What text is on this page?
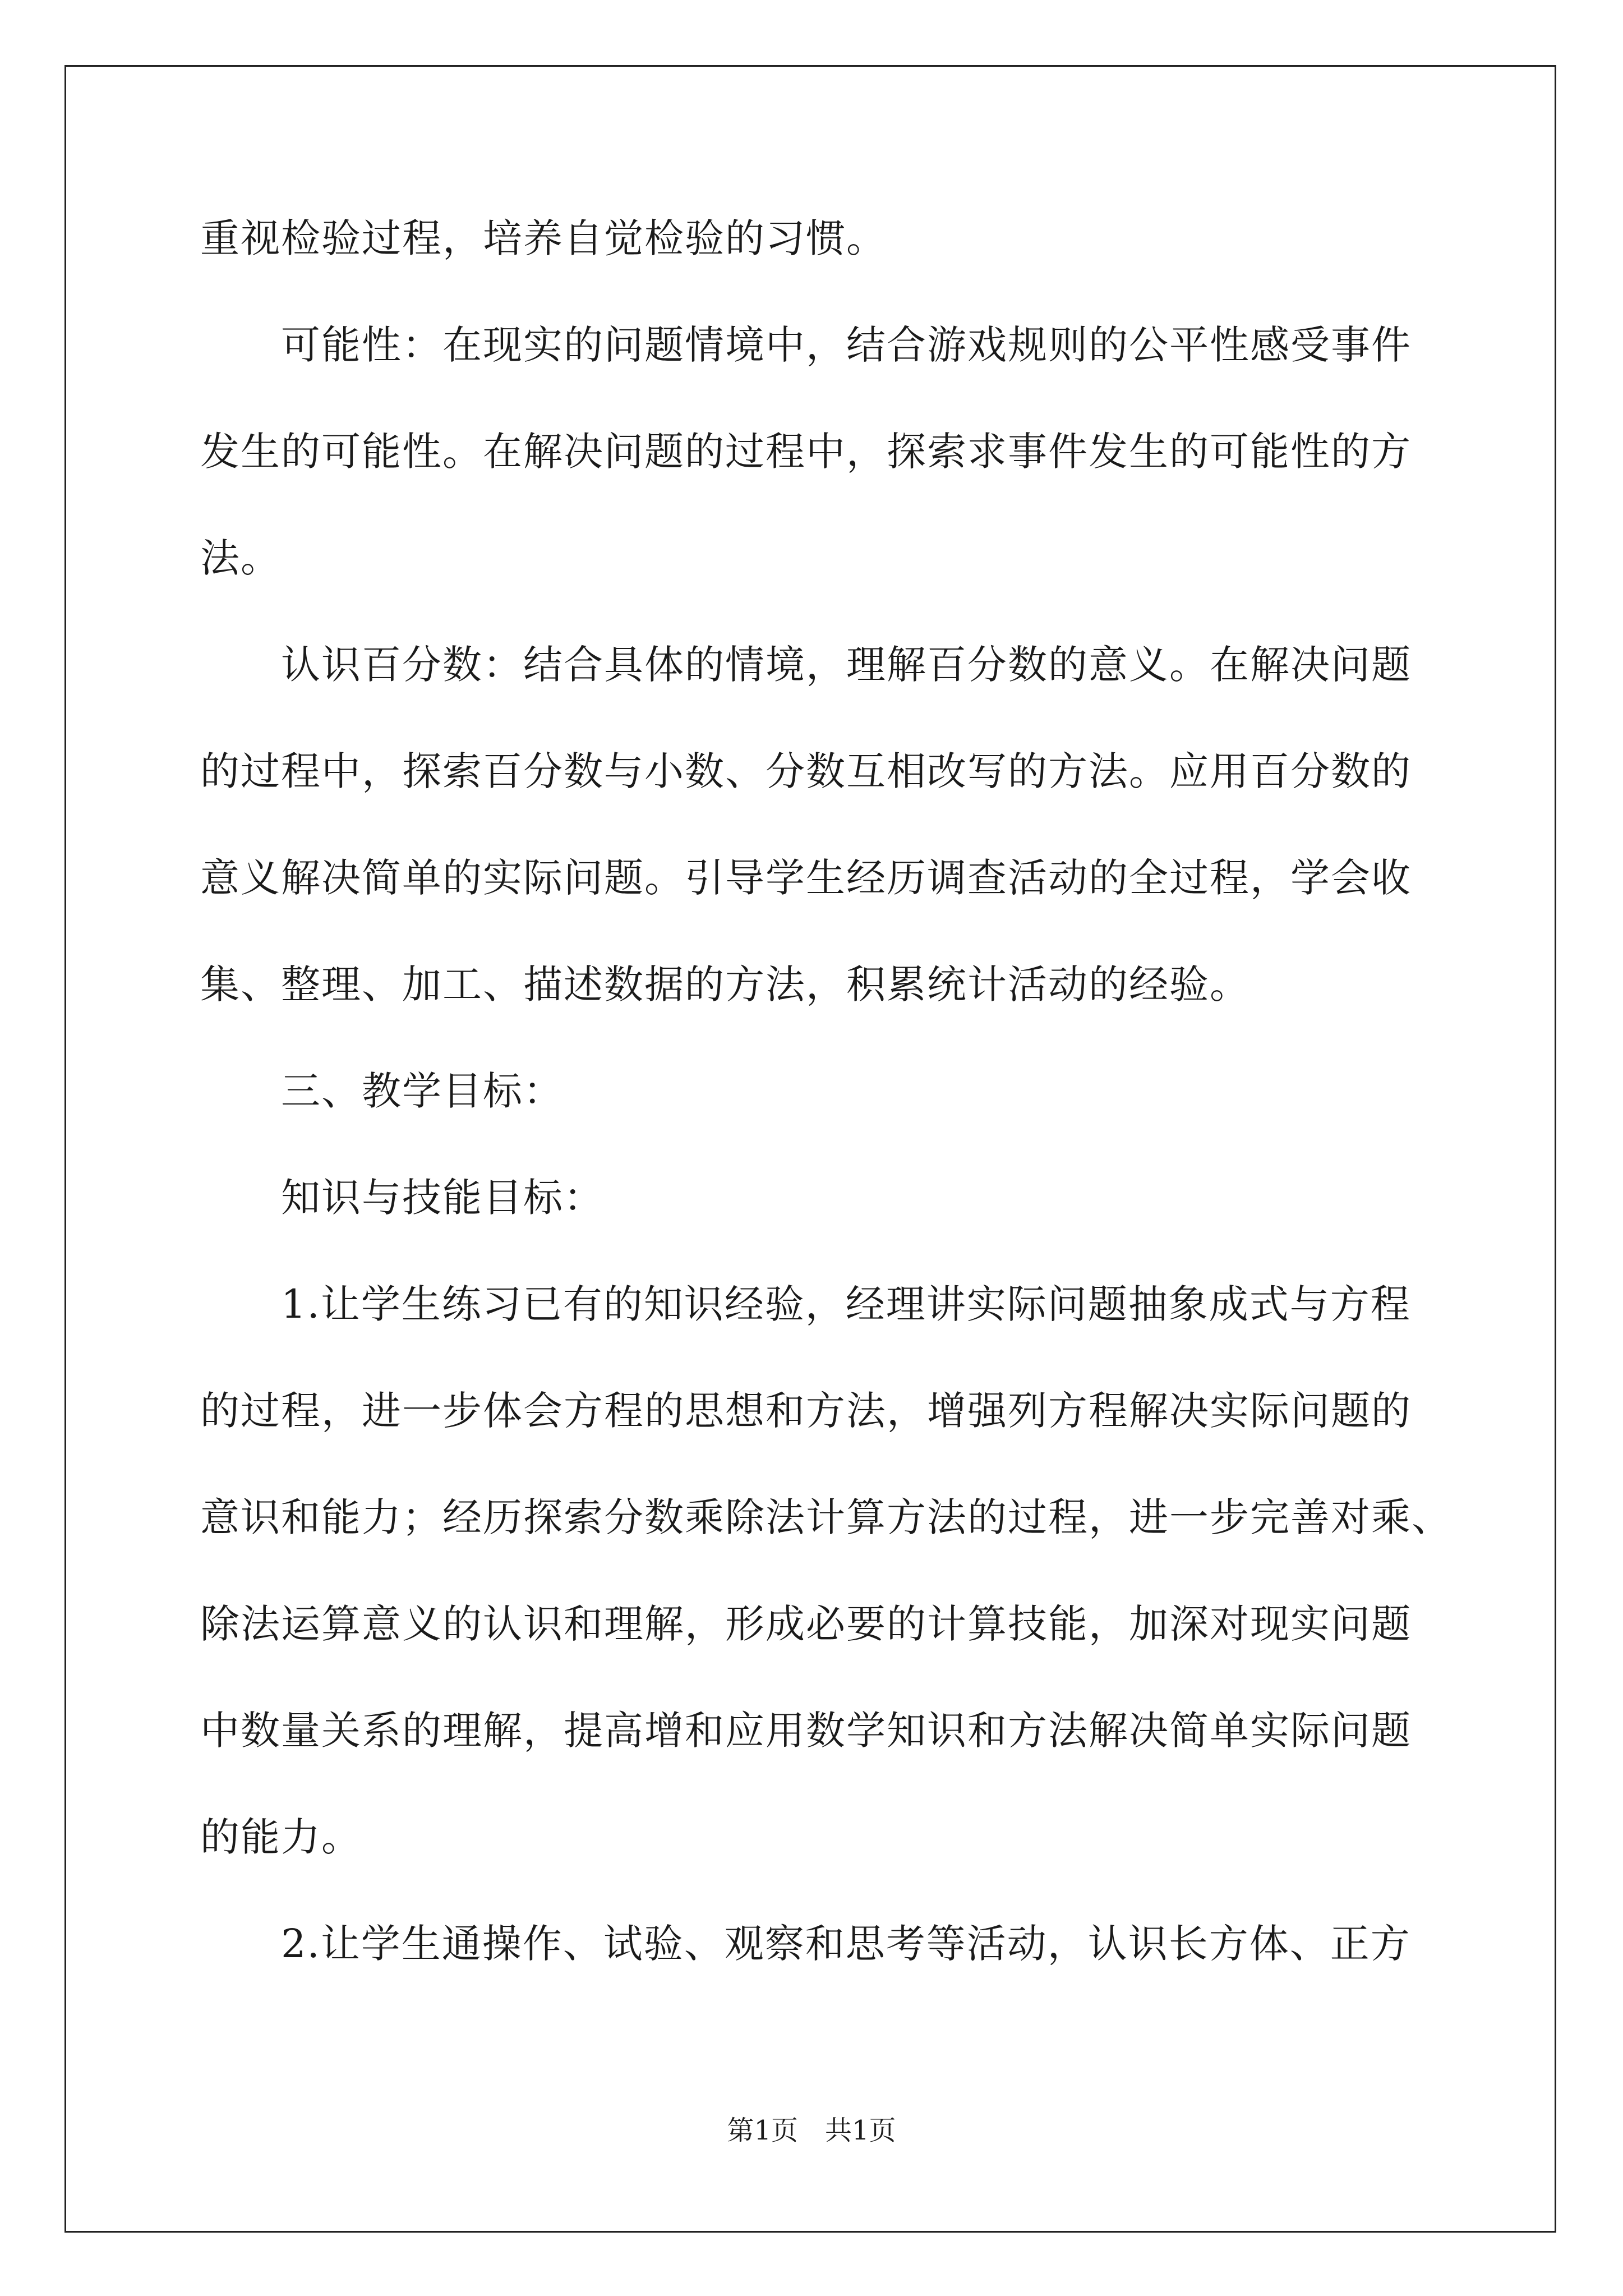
重视检验过程，培养自觉检验的习惯。
　　可能性：在现实的问题情境中，结合游戏规则的公平性感受事件
发生的可能性。在解决问题的过程中，探索求事件发生的可能性的方
法。
　　认识百分数：结合具体的情境，理解百分数的意义。在解决问题
的过程中，探索百分数与小数、分数互相改写的方法。应用百分数的
意义解决简单的实际问题。引导学生经历调查活动的全过程，学会收
集、整理、加工、描述数据的方法，积累统计活动的经验。
　　三、教学目标：
　　知识与技能目标：
　　1.让学生练习已有的知识经验，经理讲实际问题抽象成式与方程
的过程，进一步体会方程的思想和方法，增强列方程解决实际问题的
意识和能力；经历探索分数乘除法计算方法的过程，进一步完善对乘、
除法运算意义的认识和理解，形成必要的计算技能，加深对现实问题
中数量关系的理解，提高增和应用数学知识和方法解决简单实际问题
的能力。
　　2.让学生通操作、试验、观察和思考等活动，认识长方体、正方
第1页 共1页
